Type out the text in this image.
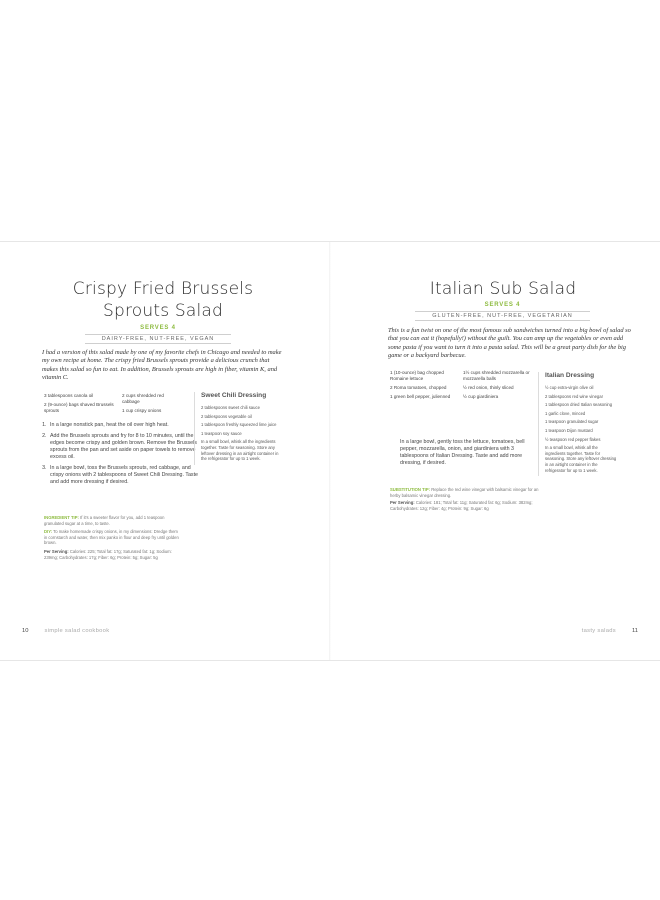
Crispy Fried Brussels Sprouts Salad
SERVES 4
DAIRY-FREE, NUT-FREE, VEGAN
I had a version of this salad made by one of my favorite chefs in Chicago and needed to make my own recipe at home. The crispy fried Brussels sprouts provide a delicious crunch that makes this salad so fun to eat. In addition, Brussels sprouts are high in fiber, vitamin K, and vitamin C.
3 tablespoons canola oil
2 (9-ounce) bags shaved Brussels sprouts
2 cups shredded red cabbage
1 cup crispy onions
1. In a large nonstick pan, heat the oil over high heat.
2. Add the Brussels sprouts and fry for 8 to 10 minutes, until the edges become crispy and golden brown. Remove the Brussels sprouts from the pan and set aside on paper towels to remove excess oil.
3. In a large bowl, toss the Brussels sprouts, red cabbage, and crispy onions with 2 tablespoons of Sweet Chili Dressing. Taste and add more dressing if desired.
Sweet Chili Dressing
2 tablespoons sweet chili sauce
2 tablespoons vegetable oil
1 tablespoon freshly squeezed lime juice
1 teaspoon soy sauce
In a small bowl, whisk all the ingredients together. Taste for seasoning. Store any leftover dressing in an airtight container in the refrigerator for up to 1 week.
INGREDIENT TIP: If it's a sweeter flavor for you, add 1 teaspoon granulated sugar at a time, to taste.
DIY: To make homemade crispy onions, in my dimensions: Dredge them in cornstarch and water, then mix panko in flour and deep fry until golden brown.
Per Serving: Calories: 225; Total fat: 17g; Saturated fat: 1g; Sodium: 239mg; Carbohydrates: 17g; Fiber: 6g; Protein: 5g; Sugar: 5g
10	simple salad cookbook
Italian Sub Salad
SERVES 4
GLUTEN-FREE, NUT-FREE, VEGETARIAN
This is a fun twist on one of the most famous sub sandwiches turned into a big bowl of salad so that you can eat it (hopefully!) without the guilt. You can amp up the vegetables or even add some pasta if you want to turn it into a pasta salad. This will be a great party dish for the big game or a backyard barbecue.
1 (10-ounce) bag chopped Romaine lettuce
2 Roma tomatoes, chopped
1 green bell pepper, julienned
1½ cups shredded mozzarella or mozzarella balls
½ red onion, thinly sliced
½ cup giardiniera
In a large bowl, gently toss the lettuce, tomatoes, bell pepper, mozzarella, onion, and giardiniera with 3 tablespoons of Italian Dressing. Taste and add more dressing, if desired.
SUBSTITUTION TIP: Replace the red wine vinegar with balsamic vinegar for an herby balsamic vinegar dressing.
Per Serving: Calories: 181; Total fat: 11g; Saturated fat: 6g; Sodium: 382mg; Carbohydrates: 12g; Fiber: 4g; Protein: 9g; Sugar: 6g
Italian Dressing
½ cup extra-virgin olive oil
2 tablespoons red wine vinegar
1 tablespoon dried Italian seasoning
1 garlic clove, minced
1 teaspoon granulated sugar
1 teaspoon Dijon mustard
½ teaspoon red pepper flakes
In a small bowl, whisk all the ingredients together. Taste for seasoning. Store any leftover dressing in an airtight container in the refrigerator for up to 1 week.
tasty salads	11
